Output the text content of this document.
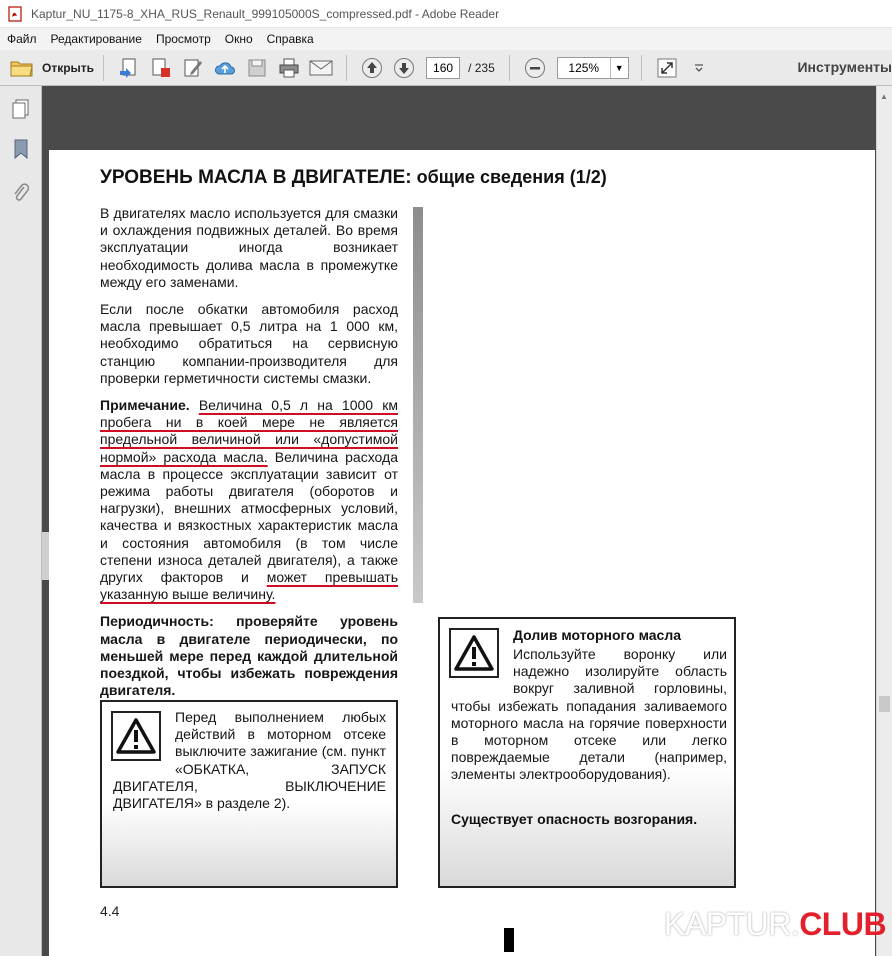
Kaptur_NU_1175-8_XHA_RUS_Renault_999105000S_compressed.pdf - Adobe Reader
Файл	Редактирование	Просмотр	Окно	Справка
Открыть	160	/ 235	125%	▼	Инструменты
▲
УРОВЕНЬ МАСЛА В ДВИГАТЕЛЕ: общие сведения (1/2)

В двигателях масло используется для смазки и охлаждения подвижных деталей. Во время эксплуатации иногда возникает необходимость долива масла в промежутке между его заменами.

Если после обкатки автомобиля расход масла превышает 0,5 литра на 1 000 км, необходимо обратиться на сервисную станцию компании-производителя для проверки герметичности системы смазки.

Примечание. Величина 0,5 л на 1000 км пробега ни в коей мере не является предельной величиной или «допустимой нормой» расхода масла. Величина расхода масла в процессе эксплуатации зависит от режима работы двигателя (оборотов и нагрузки), внешних атмосферных условий, качества и вязкостных характеристик масла и состояния автомобиля (в том числе степени износа деталей двигателя), а также других факторов и может превышать указанную выше величину.

Периодичность: проверяйте уровень масла в двигателе периодически, по меньшей мере перед каждой длительной поездкой, чтобы избежать повреждения двигателя.

Перед выполнением любых действий в моторном отсеке выключите зажигание (см. пункт «ОБКАТКА, ЗАПУСК ДВИГАТЕЛЯ, ВЫКЛЮЧЕНИЕ ДВИГАТЕЛЯ» в разделе 2).
Долив моторного масла
Используйте воронку или надежно изолируйте область вокруг заливной горловины, чтобы избежать попадания заливаемого моторного масла на горячие поверхности в моторном отсеке или легко повреждаемые детали (например, элементы электрооборудования).
Существует опасность возгорания.
4.4	KAPTUR.CLUB
